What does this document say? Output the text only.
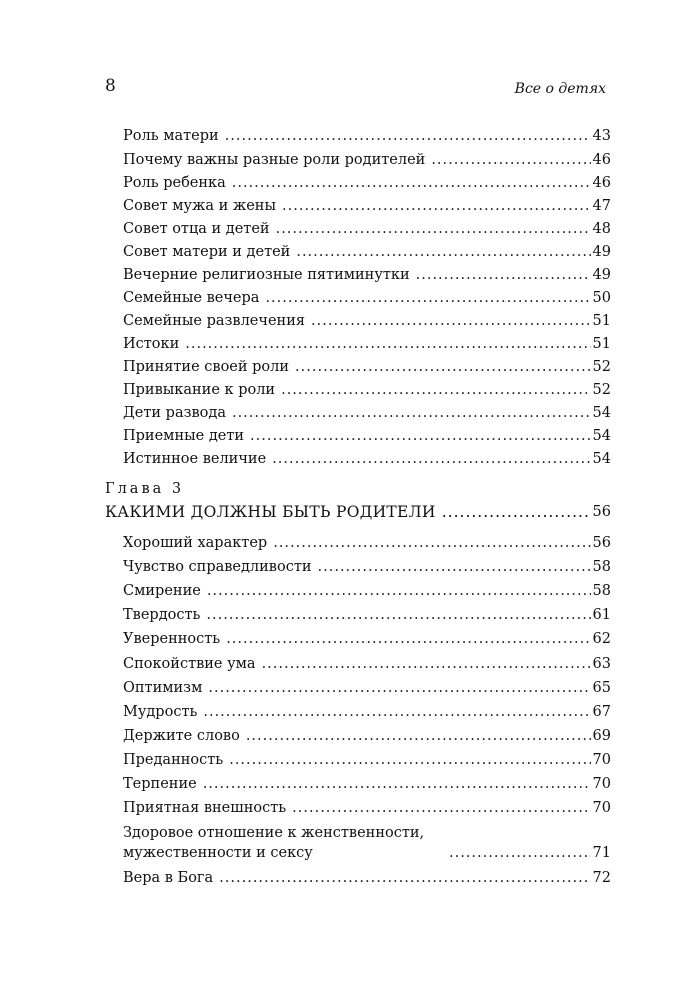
8	Все о детях
Роль матери .....	43
Почему важны разные роли родителей .....	46
Роль ребенка .....	46
Совет мужа и жены .....	47
Совет отца и детей .....	48
Совет матери и детей .....	49
Вечерние религиозные пятиминутки .....	49
Семейные вечера .....	50
Семейные развлечения .....	51
Истоки .....	51
Принятие своей роли .....	52
Привыкание к роли .....	52
Дети развода .....	54
Приемные дети .....	54
Истинное величие .....	54
Глава 3
КАКИМИ ДОЛЖНЫ БЫТЬ РОДИТЕЛИ .....	56
Хороший характер .....	56
Чувство справедливости .....	58
Смирение .....	58
Твердость .....	61
Уверенность .....	62
Спокойствие ума .....	63
Оптимизм .....	65
Мудрость .....	67
Держите слово .....	69
Преданность .....	70
Терпение .....	70
Приятная внешность .....	70
Здоровое отношение к женственности, мужественности и сексу .....	71
Вера в Бога .....	72
